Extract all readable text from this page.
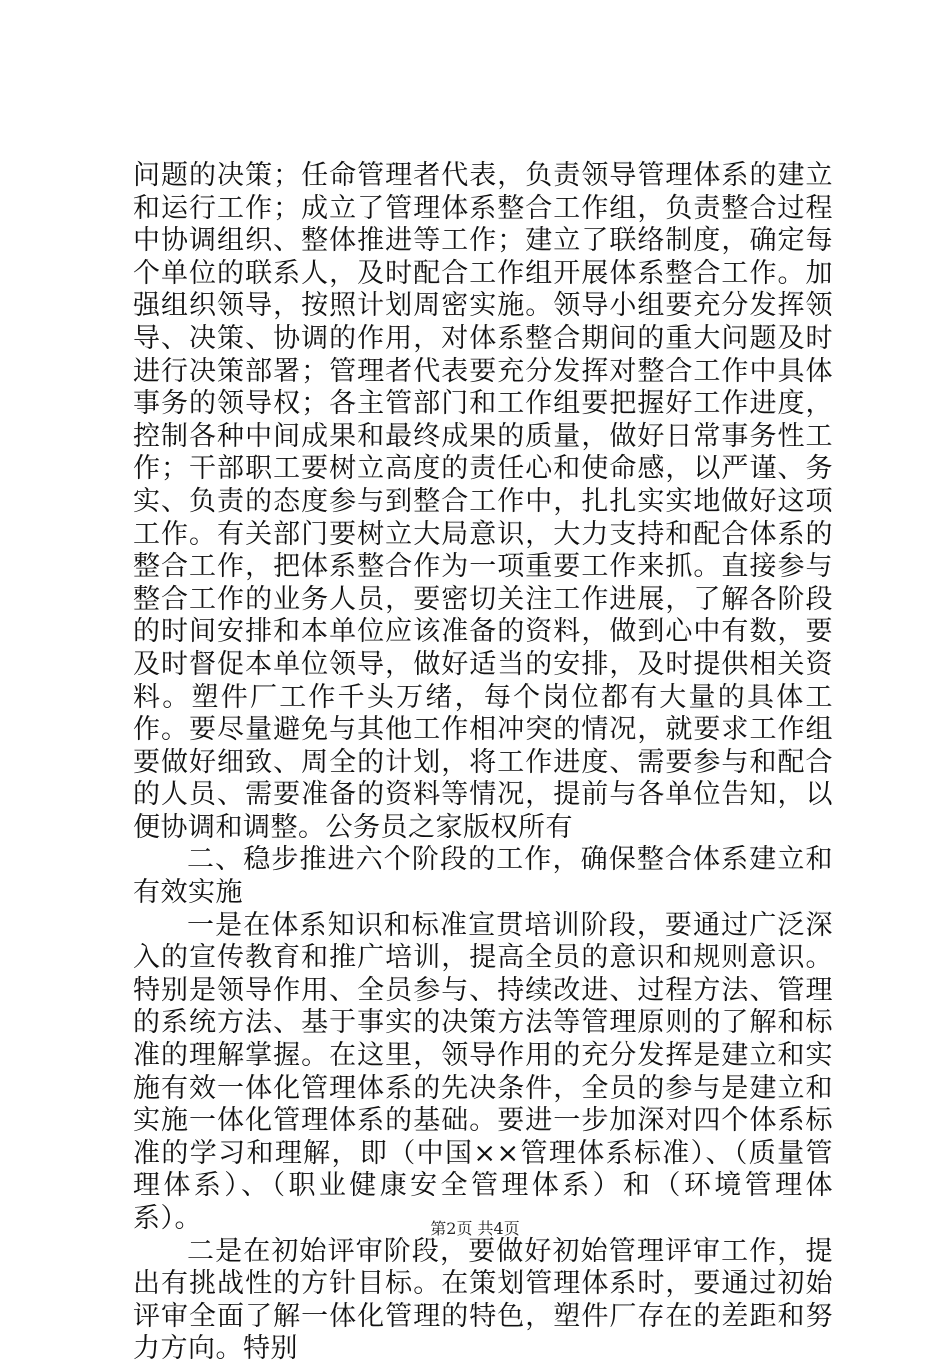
问题的决策；任命管理者代表，负责领导管理体系的建立和运行工作；成立了管理体系整合工作组，负责整合过程中协调组织、整体推进等工作；建立了联络制度，确定每个单位的联系人，及时配合工作组开展体系整合工作。加强组织领导，按照计划周密实施。领导小组要充分发挥领导、决策、协调的作用，对体系整合期间的重大问题及时进行决策部署；管理者代表要充分发挥对整合工作中具体事务的领导权；各主管部门和工作组要把握好工作进度，控制各种中间成果和最终成果的质量，做好日常事务性工作；干部职工要树立高度的责任心和使命感，以严谨、务实、负责的态度参与到整合工作中，扎扎实实地做好这项工作。有关部门要树立大局意识，大力支持和配合体系的整合工作，把体系整合作为一项重要工作来抓。直接参与整合工作的业务人员，要密切关注工作进展，了解各阶段的时间安排和本单位应该准备的资料，做到心中有数，要及时督促本单位领导，做好适当的安排，及时提供相关资料。塑件厂工作千头万绪，每个岗位都有大量的具体工作。要尽量避免与其他工作相冲突的情况，就要求工作组要做好细致、周全的计划，将工作进度、需要参与和配合的人员、需要准备的资料等情况，提前与各单位告知，以便协调和调整。公务员之家版权所有

二、稳步推进六个阶段的工作，确保整合体系建立和有效实施

一是在体系知识和标准宣贯培训阶段，要通过广泛深入的宣传教育和推广培训，提高全员的意识和规则意识。特别是领导作用、全员参与、持续改进、过程方法、管理的系统方法、基于事实的决策方法等管理原则的了解和标准的理解掌握。在这里，领导作用的充分发挥是建立和实施有效一体化管理体系的先决条件，全员的参与是建立和实施一体化管理体系的基础。要进一步加深对四个体系标准的学习和理解，即（中国××管理体系标准）、（质量管理体系）、（职业健康安全管理体系）和（环境管理体系）。

二是在初始评审阶段，要做好初始管理评审工作，提出有挑战性的方针目标。在策划管理体系时，要通过初始评审全面了解一体化管理的特色，塑件厂存在的差距和努力方向。特别

第2页 共4页
